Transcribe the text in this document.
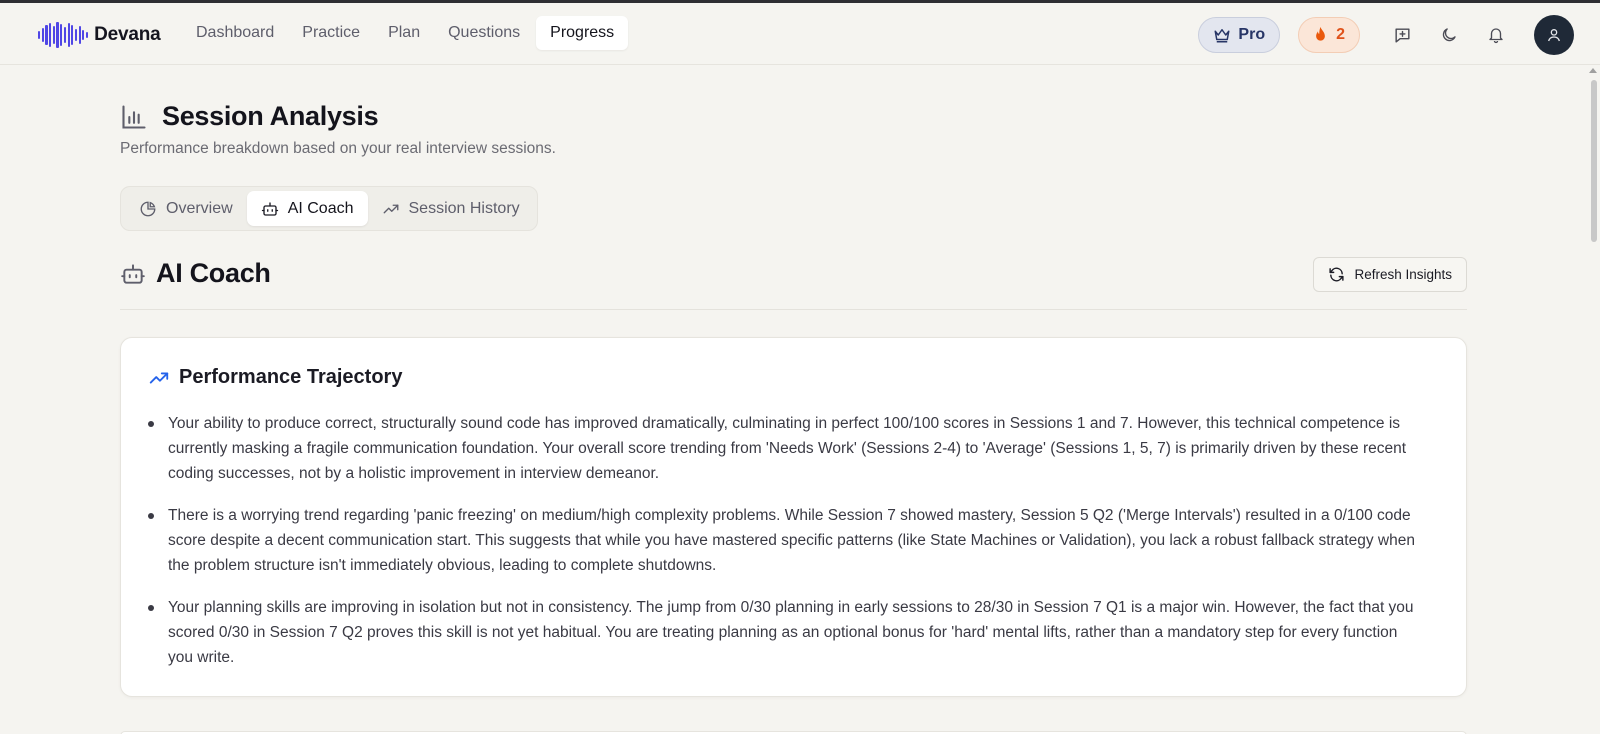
Devana	Dashboard	Practice	Plan	Questions	Progress	Pro	2
Session Analysis

Performance breakdown based on your real interview sessions.

Overview	AI Coach	Session History
AI Coach	Refresh Insights
Performance Trajectory
Your ability to produce correct, structurally sound code has improved dramatically, culminating in perfect 100/100 scores in Sessions 1 and 7. However, this technical competence is currently masking a fragile communication foundation. Your overall score trending from 'Needs Work' (Sessions 2-4) to 'Average' (Sessions 1, 5, 7) is primarily driven by these recent coding successes, not by a holistic improvement in interview demeanor.
There is a worrying trend regarding 'panic freezing' on medium/high complexity problems. While Session 7 showed mastery, Session 5 Q2 ('Merge Intervals') resulted in a 0/100 code score despite a decent communication start. This suggests that while you have mastered specific patterns (like State Machines or Validation), you lack a robust fallback strategy when the problem structure isn't immediately obvious, leading to complete shutdowns.
Your planning skills are improving in isolation but not in consistency. The jump from 0/30 planning in early sessions to 28/30 in Session 7 Q1 is a major win. However, the fact that you scored 0/30 in Session 7 Q2 proves this skill is not yet habitual. You are treating planning as an optional bonus for 'hard' mental lifts, rather than a mandatory step for every function you write.
